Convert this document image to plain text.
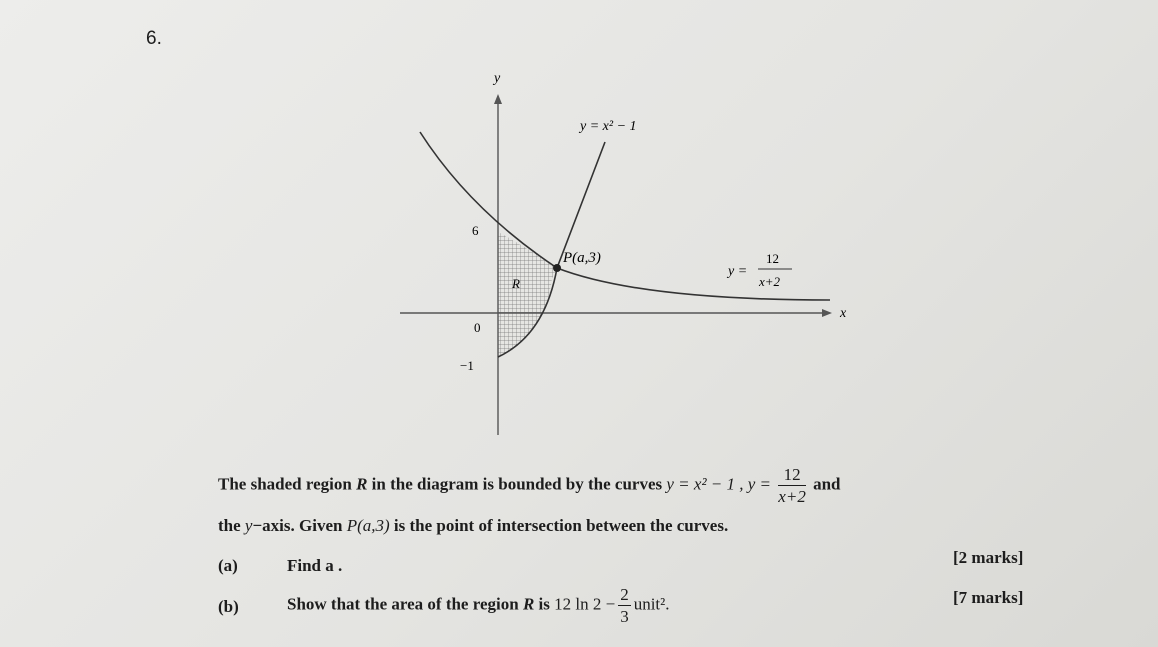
6.
y
x
y = x² − 1
P(a,3)
R
6
0
−1
y =
12
x+2
The shaded region R in the diagram is bounded by the curves y = x² − 1 , $y = \frac{12}{x+2}$ and
the y−axis. Given P(a,3) is the point of intersection between the curves.
(a)	Find a .	[2 marks]
(b)	Show that the area of the region R is 12 $\ln 2 - \frac{2}{3}$ unit².	[7 marks]
